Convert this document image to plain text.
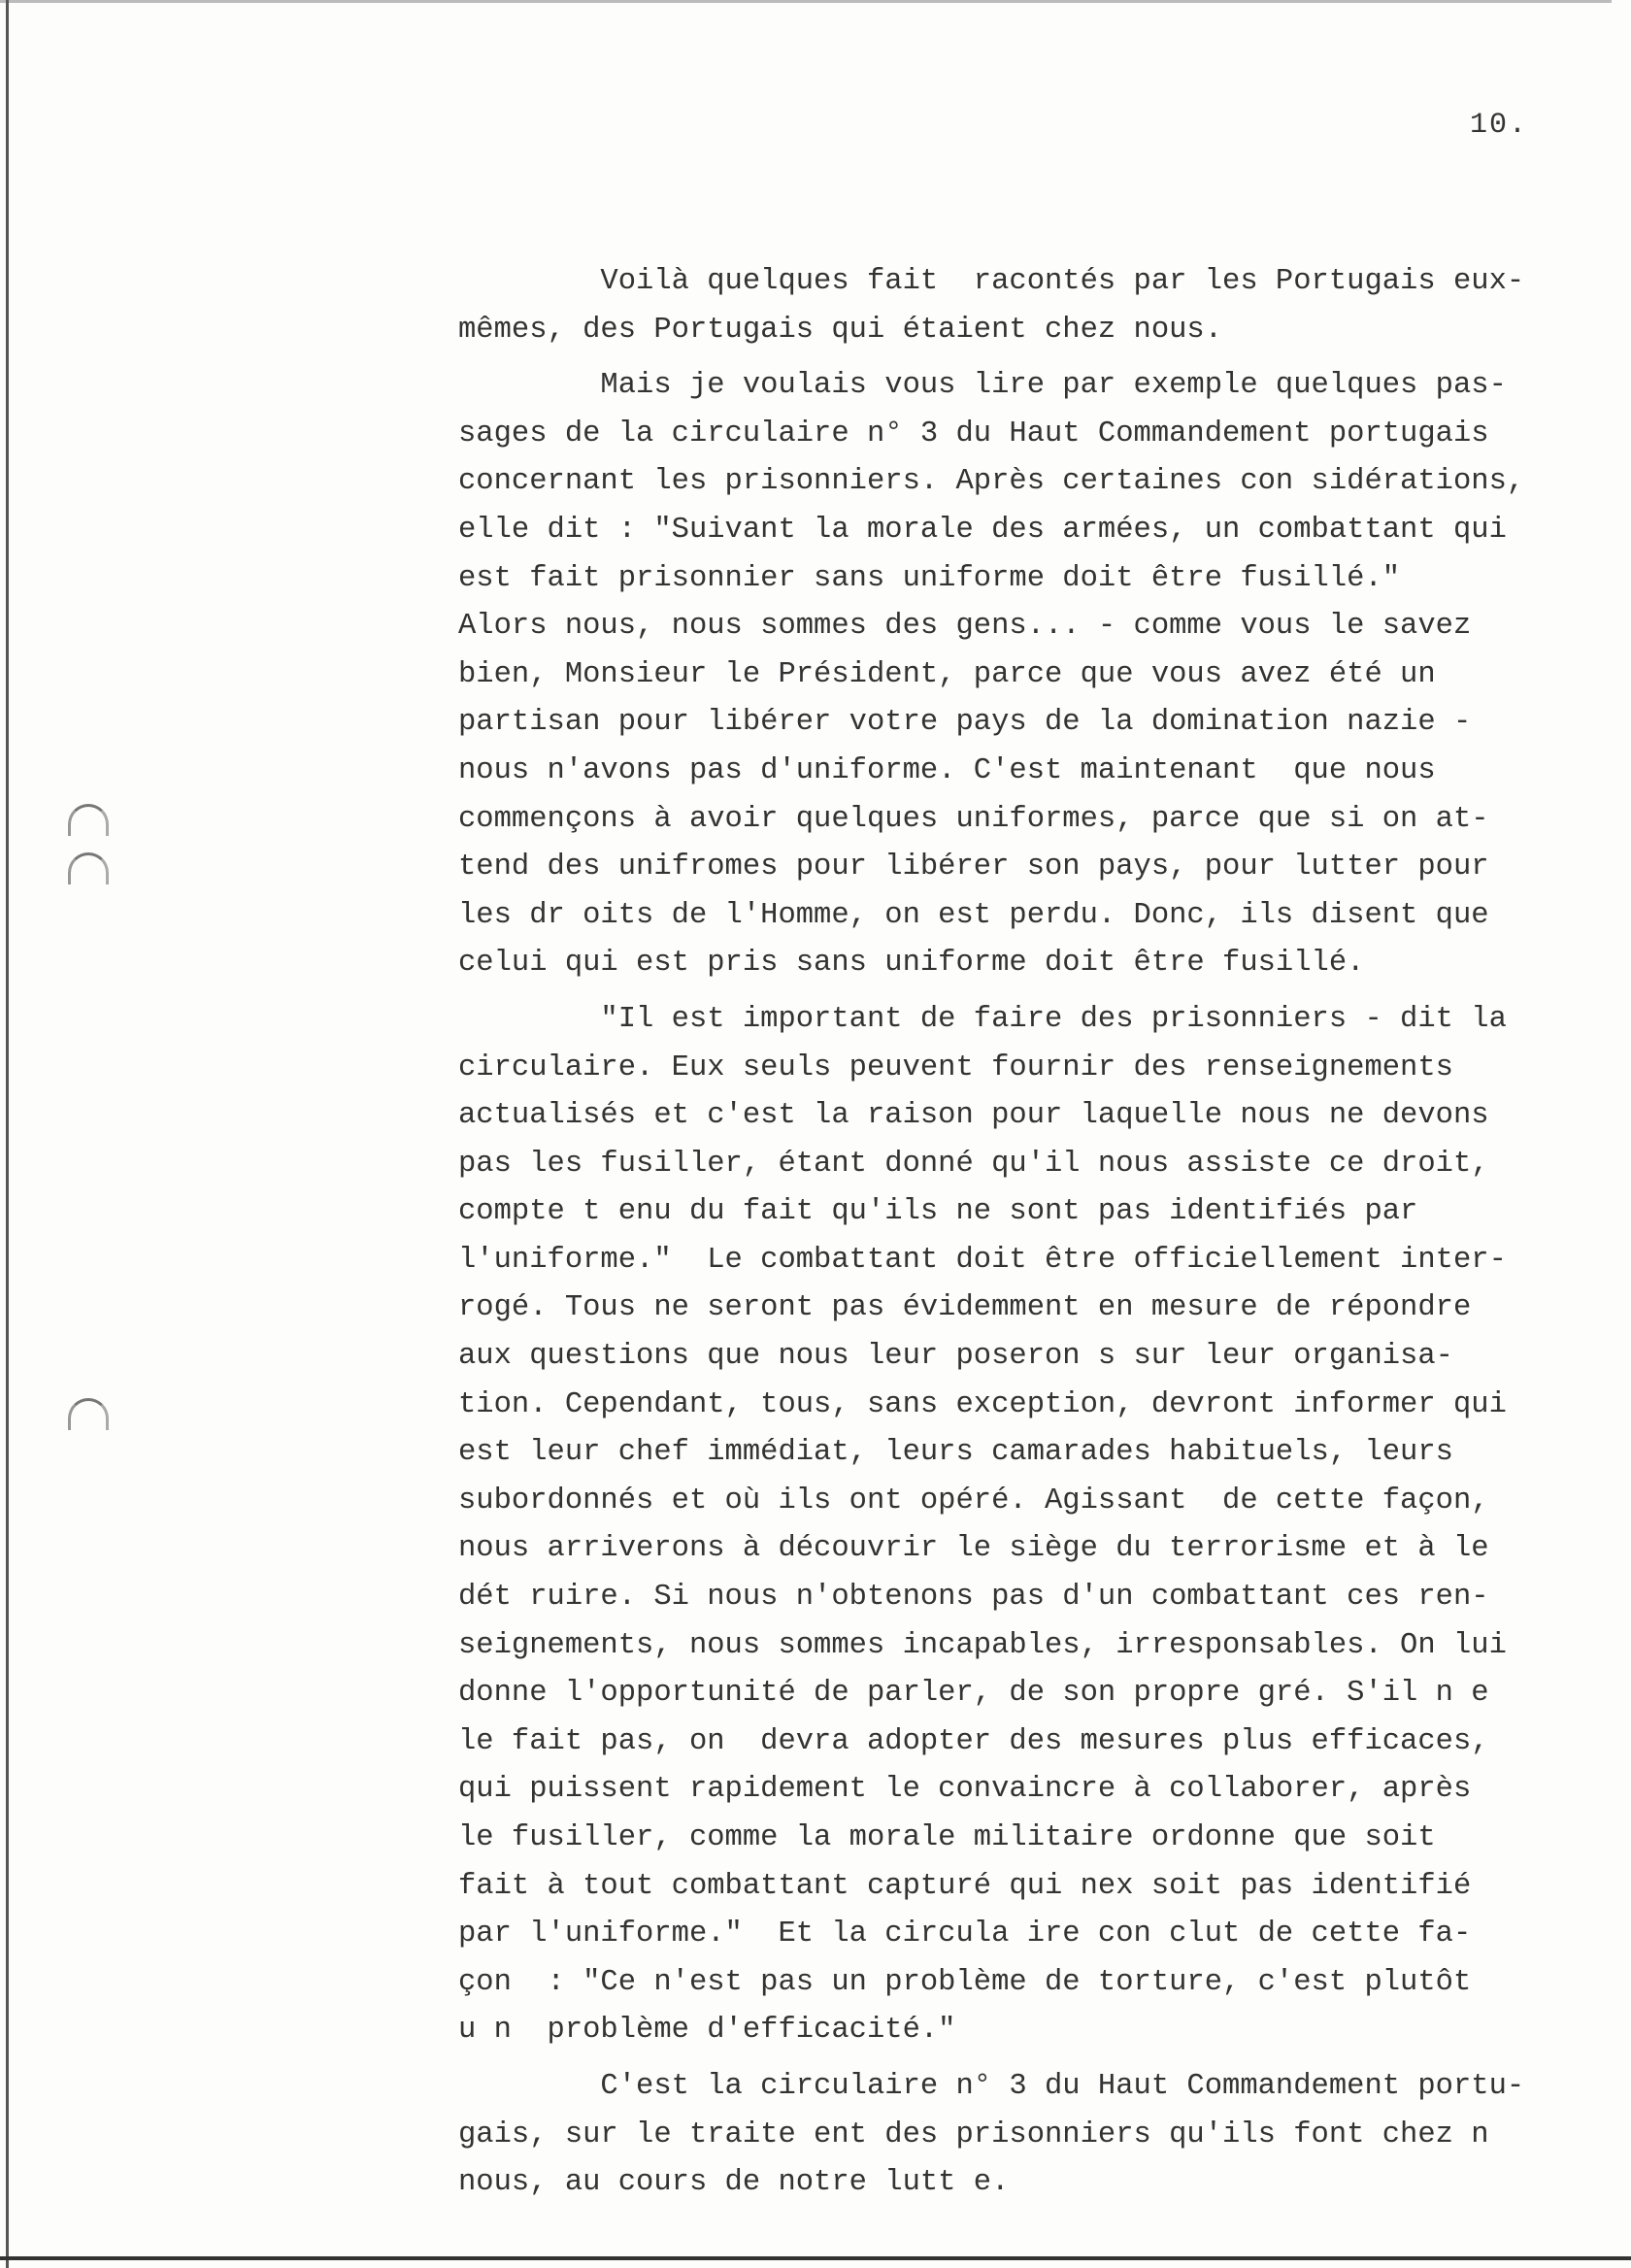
10.
Voilà quelques fait  racontés par les Portugais eux-
mêmes, des Portugais qui étaient chez nous.
Mais je voulais vous lire par exemple quelques pas-
sages de la circulaire n° 3 du Haut Commandement portugais
concernant les prisonniers. Après certaines con sidérations,
elle dit : "Suivant la morale des armées, un combattant qui
est fait prisonnier sans uniforme doit être fusillé."
Alors nous, nous sommes des gens... - comme vous le savez
bien, Monsieur le Président, parce que vous avez été un
partisan pour libérer votre pays de la domination nazie -
nous n'avons pas d'uniforme. C'est maintenant  que nous
commençons à avoir quelques uniformes, parce que si on at-
tend des unifromes pour libérer son pays, pour lutter pour
les dr oits de l'Homme, on est perdu. Donc, ils disent que
celui qui est pris sans uniforme doit être fusillé.
"Il est important de faire des prisonniers - dit la
circulaire. Eux seuls peuvent fournir des renseignements
actualisés et c'est la raison pour laquelle nous ne devons
pas les fusiller, étant donné qu'il nous assiste ce droit,
compte t enu du fait qu'ils ne sont pas identifiés par
l'uniforme."  Le combattant doit être officiellement inter-
rogé. Tous ne seront pas évidemment en mesure de répondre
aux questions que nous leur poseron s sur leur organisa-
tion. Cependant, tous, sans exception, devront informer qui
est leur chef immédiat, leurs camarades habituels, leurs
subordonnés et où ils ont opéré. Agissant  de cette façon,
nous arriverons à découvrir le siège du terrorisme et à le
dét ruire. Si nous n'obtenons pas d'un combattant ces ren-
seignements, nous sommes incapables, irresponsables. On lui
donne l'opportunité de parler, de son propre gré. S'il n e
le fait pas, on  devra adopter des mesures plus efficaces,
qui puissent rapidement le convaincre à collaborer, après
le fusiller, comme la morale militaire ordonne que soit
fait à tout combattant capturé qui nex soit pas identifié
par l'uniforme."  Et la circula ire con clut de cette fa-
çon  : "Ce n'est pas un problème de torture, c'est plutôt
u n  problème d'efficacité."
C'est la circulaire n° 3 du Haut Commandement portu-
gais, sur le traite ent des prisonniers qu'ils font chez n
nous, au cours de notre lutt e.
